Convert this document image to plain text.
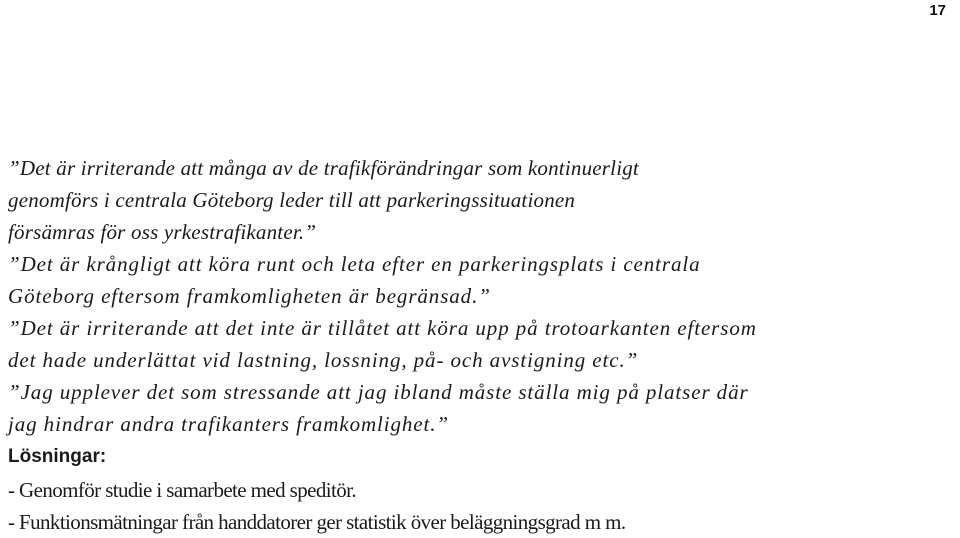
17
”Det är irriterande att många av de trafikförändringar som kontinuerligt
genomförs i centrala Göteborg leder till att parkeringssituationen
försämras för oss yrkestrafikanter.”
”Det är krångligt att köra runt och leta efter en parkeringsplats i centrala
Göteborg eftersom framkomligheten är begränsad.”
”Det är irriterande att det inte är tillåtet att köra upp på trotoarkanten eftersom
det hade underlättat vid lastning, lossning, på- och avstigning etc.”
”Jag upplever det som stressande att jag ibland måste ställa mig på platser där
jag hindrar andra trafikanters framkomlighet.”
Lösningar:
- Genomför studie i samarbete med speditör.
- Funktionsmätningar från handdatorer ger statistik över beläggningsgrad m m.
